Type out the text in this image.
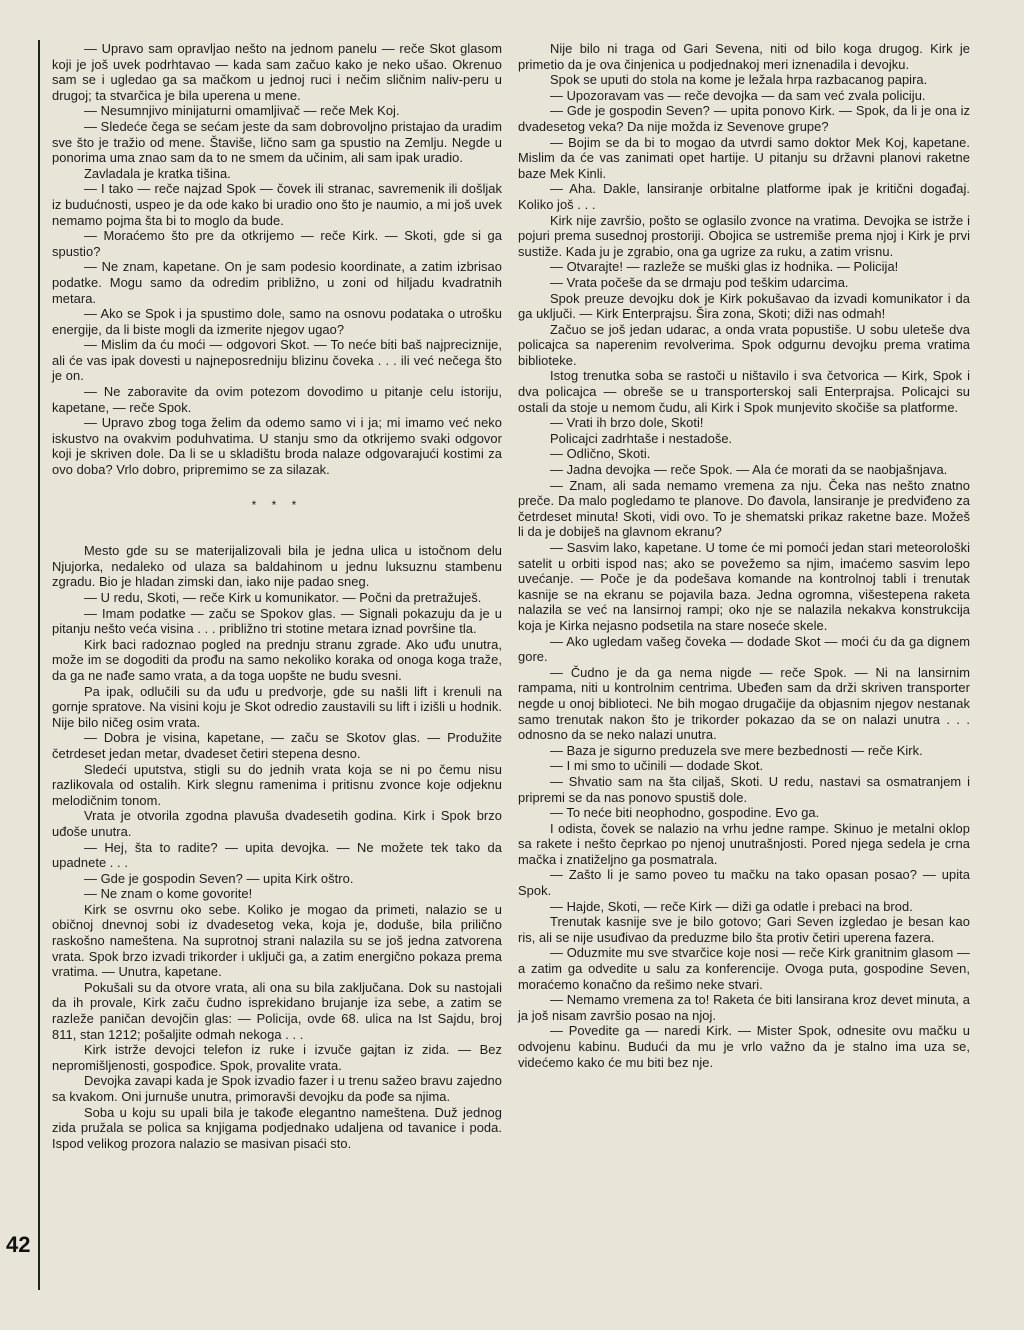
— Upravo sam opravljao nešto na jednom panelu — reče Skot glasom koji je još uvek podrhtavao — kada sam začuo kako je neko ušao. Okrenuo sam se i ugledao ga sa mačkom u jednoj ruci i nečim sličnim naliv-peru u drugoj; ta stvarčica je bila uperena u mene.

— Nesumnjivo minijaturni omamljivač — reče Mek Koj.

— Sledeće čega se sećam jeste da sam dobrovoljno pristajao da uradim sve što je tražio od mene. Štaviše, lično sam ga spustio na Zemlju. Negde u ponorima uma znao sam da to ne smem da učinim, ali sam ipak uradio.

Zavladala je kratka tišina.

— I tako — reče najzad Spok — čovek ili stranac, savremenik ili došljak iz budućnosti, uspeo je da ode kako bi uradio ono što je naumio, a mi još uvek nemamo pojma šta bi to moglo da bude.

— Moraćemo što pre da otkrijemo — reče Kirk. — Skoti, gde si ga spustio?

— Ne znam, kapetane. On je sam podesio koordinate, a zatim izbrisao podatke. Mogu samo da odredim približno, u zoni od hiljadu kvadratnih metara.

— Ako se Spok i ja spustimo dole, samo na osnovu podataka o utrošku energije, da li biste mogli da izmerite njegov ugao?

— Mislim da ću moći — odgovori Skot. — To neće biti baš najpreciznije, ali će vas ipak dovesti u najneposredniju blizinu čoveka . . . ili već nečega što je on.

— Ne zaboravite da ovim potezom dovodimo u pitanje celu istoriju, kapetane, — reče Spok.

— Upravo zbog toga želim da odemo samo vi i ja; mi imamo već neko iskustvo na ovakvim poduhvatima. U stanju smo da otkrijemo svaki odgovor koji je skriven dole. Da li se u skladištu broda nalaze odgovarajući kostimi za ovo doba? Vrlo dobro, pripremimo se za silazak.

* * *

Mesto gde su se materijalizovali bila je jedna ulica u istočnom delu Njujorka, nedaleko od ulaza sa baldahinom u jednu luksuznu stambenu zgradu. Bio je hladan zimski dan, iako nije padao sneg.

— U redu, Skoti, — reče Kirk u komunikator. — Počni da pretražuješ.

— Imam podatke — začu se Spokov glas. — Signali pokazuju da je u pitanju nešto veća visina . . . približno tri stotine metara iznad površine tla.

Kirk baci radoznao pogled na prednju stranu zgrade. Ako uđu unutra, može im se dogoditi da prođu na samo nekoliko koraka od onoga koga traže, da ga ne nađe samo vrata, a da toga uopšte ne budu svesni.

Pa ipak, odlučili su da uđu u predvorje, gde su našli lift i krenuli na gornje spratove. Na visini koju je Skot odredio zaustavili su lift i izišli u hodnik. Nije bilo ničeg osim vrata.

— Dobra je visina, kapetane, — začu se Skotov glas. — Produžite četrdeset jedan metar, dvadeset četiri stepena desno.

Sledeći uputstva, stigli su do jednih vrata koja se ni po čemu nisu razlikovala od ostalih. Kirk slegnu ramenima i pritisnu zvonce koje odjeknu melodičnim tonom.

Vrata je otvorila zgodna plavuša dvadesetih godina. Kirk i Spok brzo uđoše unutra.

— Hej, šta to radite? — upita devojka. — Ne možete tek tako da upadnete . . .

— Gde je gospodin Seven? — upita Kirk oštro.

— Ne znam o kome govorite!

Kirk se osvrnu oko sebe. Koliko je mogao da primeti, nalazio se u običnoj dnevnoj sobi iz dvadesetog veka, koja je, doduše, bila prilično raskošno nameštena. Na suprotnoj strani nalazila su se još jedna zatvorena vrata. Spok brzo izvadi trikorder i uključi ga, a zatim energično pokaza prema vratima. — Unutra, kapetane.

Pokušali su da otvore vrata, ali ona su bila zaključana. Dok su nastojali da ih provale, Kirk začu čudno isprekidano brujanje iza sebe, a zatim se razleže paničan devojčin glas: — Policija, ovde 68. ulica na Ist Sajdu, broj 811, stan 1212; pošaljite odmah nekoga . . .

Kirk istrže devojci telefon iz ruke i izvuče gajtan iz zida. — Bez nepromišljenosti, gospođice. Spok, provalite vrata.

Devojka zavapi kada je Spok izvadio fazer i u trenu sažeo bravu zajedno sa kvakom. Oni jurnuše unutra, primoravši devojku da pođe sa njima.

Soba u koju su upali bila je takođe elegantno nameštena. Duž jednog zida pružala se polica sa knjigama podjednako udaljena od tavanice i poda. Ispod velikog prozora nalazio se masivan pisaći sto.

Nije bilo ni traga od Gari Sevena, niti od bilo koga drugog. Kirk je primetio da je ova činjenica u podjednakoj meri iznenadila i devojku.

Spok se uputi do stola na kome je ležala hrpa razbacanog papira.

— Upozoravam vas — reče devojka — da sam već zvala policiju.

— Gde je gospodin Seven? — upita ponovo Kirk. — Spok, da li je ona iz dvadesetog veka? Da nije možda iz Sevenove grupe?

— Bojim se da bi to mogao da utvrdi samo doktor Mek Koj, kapetane. Mislim da će vas zanimati opet hartije. U pitanju su državni planovi raketne baze Mek Kinli.

— Aha. Dakle, lansiranje orbitalne platforme ipak je kritični događaj. Koliko još . . .

Kirk nije završio, pošto se oglasilo zvonce na vratima. Devojka se istrže i pojuri prema susednoj prostoriji. Obojica se ustremiše prema njoj i Kirk je prvi sustiže. Kada ju je zgrabio, ona ga ugrize za ruku, a zatim vrisnu.

— Otvarajte! — razleže se muški glas iz hodnika. — Policija!

— Vrata počeše da se drmaju pod teškim udarcima.

Spok preuze devojku dok je Kirk pokušavao da izvadi komunikator i da ga uključi. — Kirk Enterprajsu. Šira zona, Skoti; diži nas odmah!

Začuo se još jedan udarac, a onda vrata popustiše. U sobu uleteše dva policajca sa naperenim revolverima. Spok odgurnu devojku prema vratima biblioteke.

Istog trenutka soba se rastoči u ništavilo i sva četvorica — Kirk, Spok i dva policajca — obreše se u transporterskoj sali Enterprajsa. Policajci su ostali da stoje u nemom čudu, ali Kirk i Spok munjevito skočiše sa platforme.

— Vrati ih brzo dole, Skoti!

Policajci zadrhtaše i nestadoše.

— Odlično, Skoti.

— Jadna devojka — reče Spok. — Ala će morati da se naobjašnjava.

— Znam, ali sada nemamo vremena za nju. Čeka nas nešto znatno preče. Da malo pogledamo te planove. Do đavola, lansiranje je predviđeno za četrdeset minuta! Skoti, vidi ovo. To je shematski prikaz raketne baze. Možeš li da je dobiješ na glavnom ekranu?

— Sasvim lako, kapetane. U tome će mi pomoći jedan stari meteorološki satelit u orbiti ispod nas; ako se povežemo sa njim, imaćemo sasvim lepo uvećanje. — Poče je da podešava komande na kontrolnoj tabli i trenutak kasnije se na ekranu se pojavila baza. Jedna ogromna, višestepena raketa nalazila se već na lansirnoj rampi; oko nje se nalazila nekakva konstrukcija koja je Kirka nejasno podsetila na stare noseće skele.

— Ako ugledam vašeg čoveka — dodade Skot — moći ću da ga dignem gore.

— Čudno je da ga nema nigde — reče Spok. — Ni na lansirnim rampama, niti u kontrolnim centrima. Ubeđen sam da drži skriven transporter negde u onoj biblioteci. Ne bih mogao drugačije da objasnim njegov nestanak samo trenutak nakon što je trikorder pokazao da se on nalazi unutra . . . odnosno da se neko nalazi unutra.

— Baza je sigurno preduzela sve mere bezbednosti — reče Kirk.

— I mi smo to učinili — dodade Skot.

— Shvatio sam na šta ciljaš, Skoti. U redu, nastavi sa osmatranjem i pripremi se da nas ponovo spustiš dole.

— To neće biti neophodno, gospodine. Evo ga.

I odista, čovek se nalazio na vrhu jedne rampe. Skinuo je metalni oklop sa rakete i nešto čeprkao po njenoj unutrašnjosti. Pored njega sedela je crna mačka i znatiželjno ga posmatrala.

— Zašto li je samo poveo tu mačku na tako opasan posao? — upita Spok.

— Hajde, Skoti, — reče Kirk — diži ga odatle i prebaci na brod.

Trenutak kasnije sve je bilo gotovo; Gari Seven izgledao je besan kao ris, ali se nije usuđivao da preduzme bilo šta protiv četiri uperena fazera.

— Oduzmite mu sve stvarčice koje nosi — reče Kirk granitnim glasom — a zatim ga odvedite u salu za konferencije. Ovoga puta, gospodine Seven, moraćemo konačno da rešimo neke stvari.

— Nemamo vremena za to! Raketa će biti lansirana kroz devet minuta, a ja još nisam završio posao na njoj.

— Povedite ga — naredi Kirk. — Mister Spok, odnesite ovu mačku u odvojenu kabinu. Budući da mu je vrlo važno da je stalno ima uza se, videćemo kako će mu biti bez nje.

42
